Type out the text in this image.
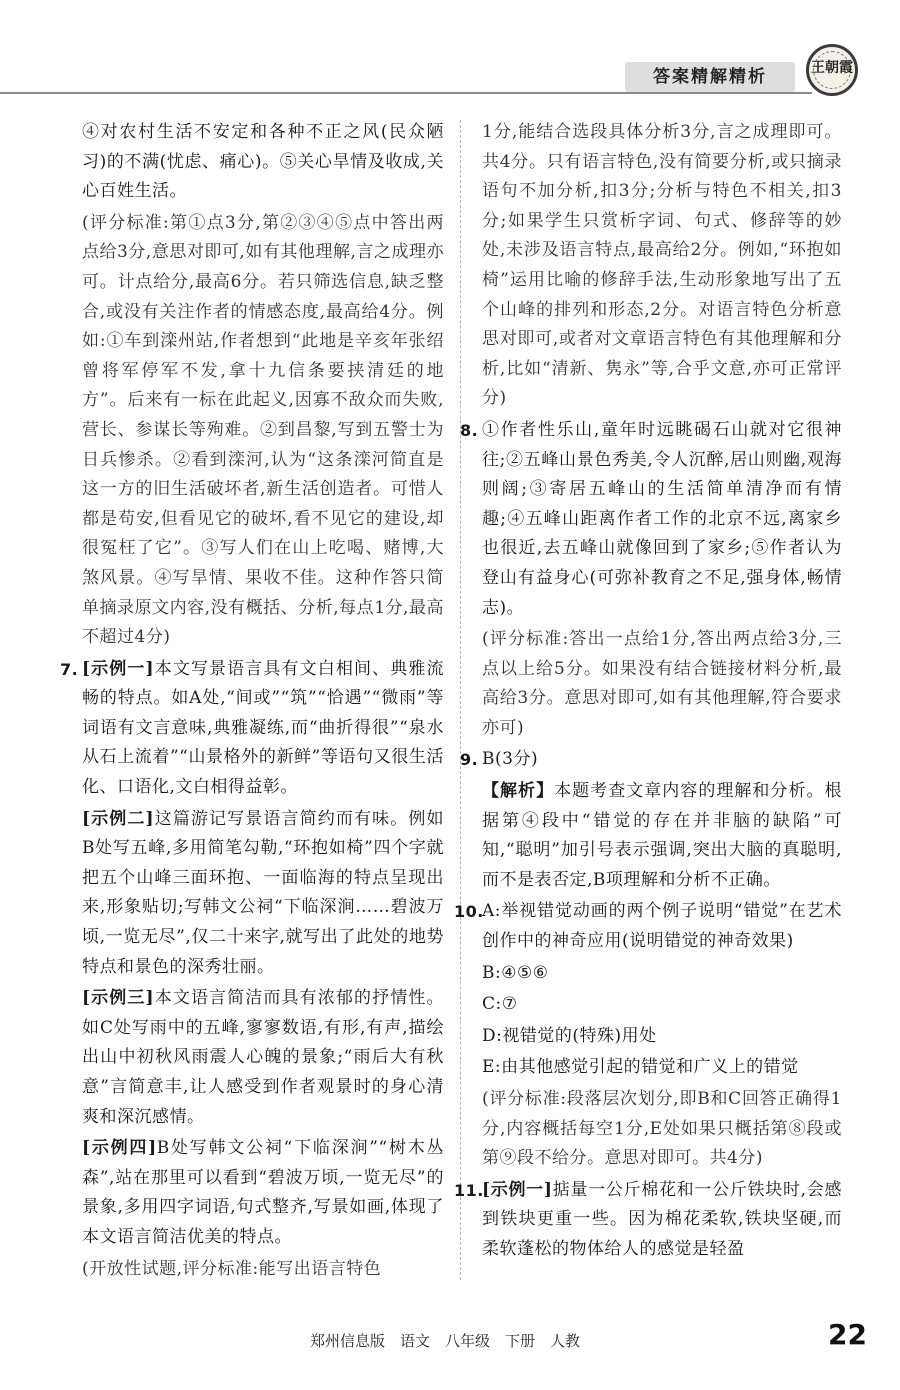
答案精解精析	王朝霞

④对农村生活不安定和各种不正之风(民众陋习)的不满(忧虑、痛心)。⑤关心旱情及收成,关心百姓生活。

(评分标准:第①点3分,第②③④⑤点中答出两点给3分,意思对即可,如有其他理解,言之成理亦可。计点给分,最高6分。若只筛选信息,缺乏整合,或没有关注作者的情感态度,最高给4分。例如:①车到滦州站,作者想到“此地是辛亥年张绍曾将军停军不发,拿十九信条要挟清廷的地方”。后来有一标在此起义,因寡不敌众而失败,营长、参谋长等殉难。②到昌黎,写到五警士为日兵惨杀。②看到滦河,认为“这条滦河简直是这一方的旧生活破坏者,新生活创造者。可惜人都是苟安,但看见它的破坏,看不见它的建设,却很冤枉了它”。③写人们在山上吃喝、赌博,大煞风景。④写旱情、果收不佳。这种作答只简单摘录原文内容,没有概括、分析,每点1分,最高不超过4分)

7. [示例一]本文写景语言具有文白相间、典雅流畅的特点。如A处,“间或”“筑”“恰遇”“微雨”等词语有文言意味,典雅凝练,而“曲折得很”“泉水从石上流着”“山景格外的新鲜”等语句又很生活化、口语化,文白相得益彰。

[示例二]这篇游记写景语言简约而有味。例如B处写五峰,多用简笔勾勒,“环抱如椅”四个字就把五个山峰三面环抱、一面临海的特点呈现出来,形象贴切;写韩文公祠“下临深涧……碧波万顷,一览无尽”,仅二十来字,就写出了此处的地势特点和景色的深秀壮丽。

[示例三]本文语言简洁而具有浓郁的抒情性。如C处写雨中的五峰,寥寥数语,有形,有声,描绘出山中初秋风雨震人心魄的景象;“雨后大有秋意”言简意丰,让人感受到作者观景时的身心清爽和深沉感情。

[示例四]B处写韩文公祠“下临深涧”“树木丛森”,站在那里可以看到“碧波万顷,一览无尽”的景象,多用四字词语,句式整齐,写景如画,体现了本文语言简洁优美的特点。

(开放性试题,评分标准:能写出语言特色

1分,能结合选段具体分析3分,言之成理即可。共4分。只有语言特色,没有简要分析,或只摘录语句不加分析,扣3分;分析与特色不相关,扣3分;如果学生只赏析字词、句式、修辞等的妙处,未涉及语言特点,最高给2分。例如,“环抱如椅”运用比喻的修辞手法,生动形象地写出了五个山峰的排列和形态,2分。对语言特色分析意思对即可,或者对文章语言特色有其他理解和分析,比如“清新、隽永”等,合乎文意,亦可正常评分)

8. ①作者性乐山,童年时远眺碣石山就对它很神往;②五峰山景色秀美,令人沉醉,居山则幽,观海则阔;③寄居五峰山的生活简单清净而有情趣;④五峰山距离作者工作的北京不远,离家乡也很近,去五峰山就像回到了家乡;⑤作者认为登山有益身心(可弥补教育之不足,强身体,畅情志)。

(评分标准:答出一点给1分,答出两点给3分,三点以上给5分。如果没有结合链接材料分析,最高给3分。意思对即可,如有其他理解,符合要求亦可)

9. B(3分)

【解析】本题考查文章内容的理解和分析。根据第④段中“错觉的存在并非脑的缺陷”可知,“聪明”加引号表示强调,突出大脑的真聪明,而不是表否定,B项理解和分析不正确。

10.
A:举视错觉动画的两个例子说明“错觉”在艺术创作中的神奇应用(说明错觉的神奇效果)

B:④⑤⑥

C:⑦

D:视错觉的(特殊)用处

E:由其他感觉引起的错觉和广义上的错觉

(评分标准:段落层次划分,即B和C回答正确得1分,内容概括每空1分,E处如果只概括第⑧段或第⑨段不给分。意思对即可。共4分)

11.
[示例一]掂量一公斤棉花和一公斤铁块时,会感到铁块更重一些。因为棉花柔软,铁块坚硬,而柔软蓬松的物体给人的感觉是轻盈

郑州信息版　语文　八年级　下册　人教	22
